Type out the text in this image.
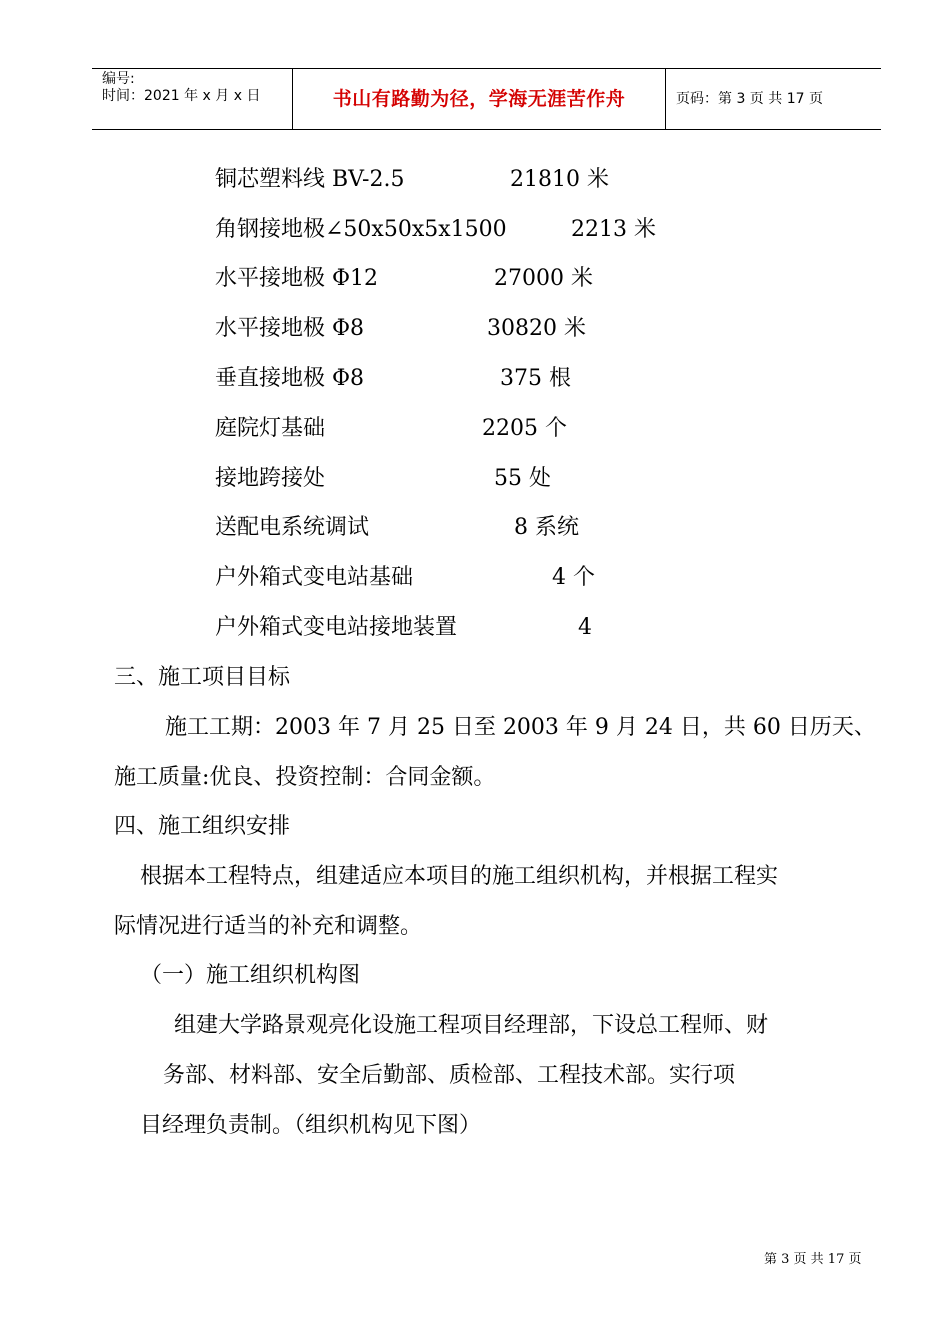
编号:
时间：2021 年 x 月 x 日	书山有路勤为径，学海无涯苦作舟	页码：第 3 页 共 17 页
铜芯塑料线 BV-2.5	21810 米
角钢接地极∠50x50x5x1500	2213 米
水平接地极 Φ12	27000 米
水平接地极 Φ8	30820 米
垂直接地极 Φ8	375 根
庭院灯基础	2205 个
接地跨接处	55 处
送配电系统调试	8 系统
户外箱式变电站基础	4 个
户外箱式变电站接地装置	4
三、施工项目目标
施工工期：2003 年 7 月 25 日至 2003 年 9 月 24 日，共 60 日历天、
施工质量:优良、投资控制：合同金额。
四、施工组织安排
根据本工程特点，组建适应本项目的施工组织机构，并根据工程实
际情况进行适当的补充和调整。
（一）施工组织机构图
组建大学路景观亮化设施工程项目经理部，下设总工程师、财
务部、材料部、安全后勤部、质检部、工程技术部。实行项
目经理负责制。（组织机构见下图）
第 3 页 共 17 页
